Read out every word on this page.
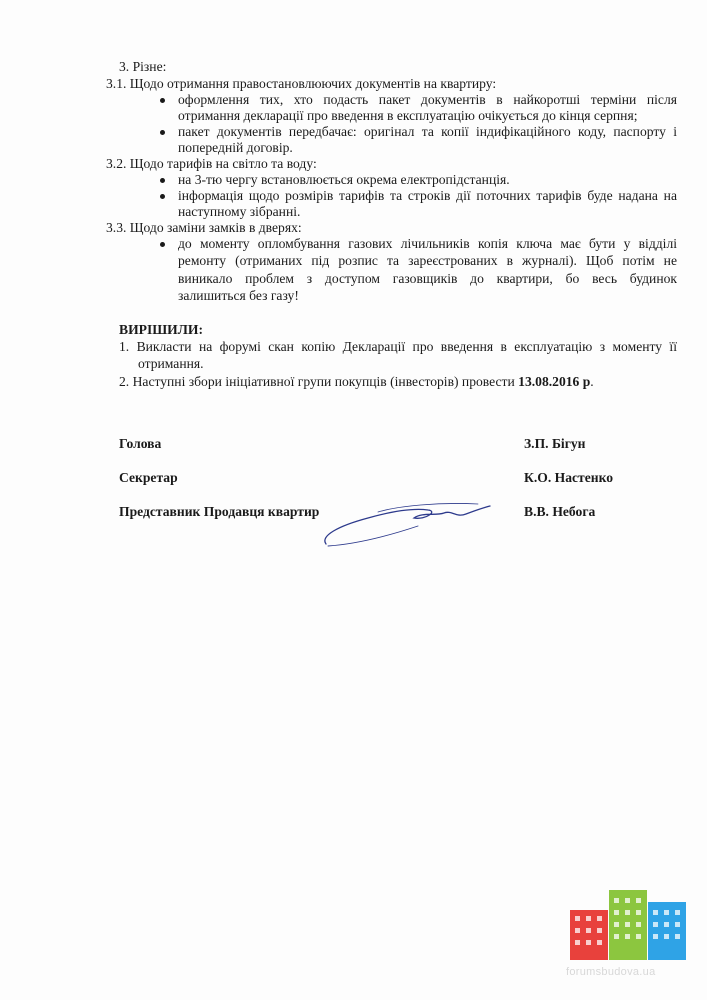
3. Різне:
3.1. Щодо отримання правостановлюючих документів на квартиру:
оформлення тих, хто подасть пакет документів в найкоротші терміни після
отримання декларації про введення в експлуатацію очікується до кінця серпня;
пакет документів передбачає: оригінал та копії індифікаційного коду, паспорту і
попередній договір.
3.2. Щодо тарифів на світло та воду:
на 3-тю чергу встановлюється окрема електропідстанція.
інформація щодо розмірів тарифів та строків дії поточних тарифів буде надана на
наступному зібранні.
3.3. Щодо заміни замків в дверях:
до моменту опломбування газових лічильників копія ключа має бути у відділі
ремонту (отриманих під розпис та зареєстрованих в журналі). Щоб потім не
виникало проблем з доступом газовщиків до квартири, бо весь будинок
залишиться без газу!
ВИРІШИЛИ:
1. Викласти на форумі скан копію Декларації про введення в експлуатацію з моменту її
отримання.
2. Наступні збори ініціативної групи покупців (інвесторів) провести 13.08.2016 р.
Голова	З.П. Бігун
Секретар	К.О. Настенко
Представник Продавця квартир	В.В. Небога
forumsbudova.ua
